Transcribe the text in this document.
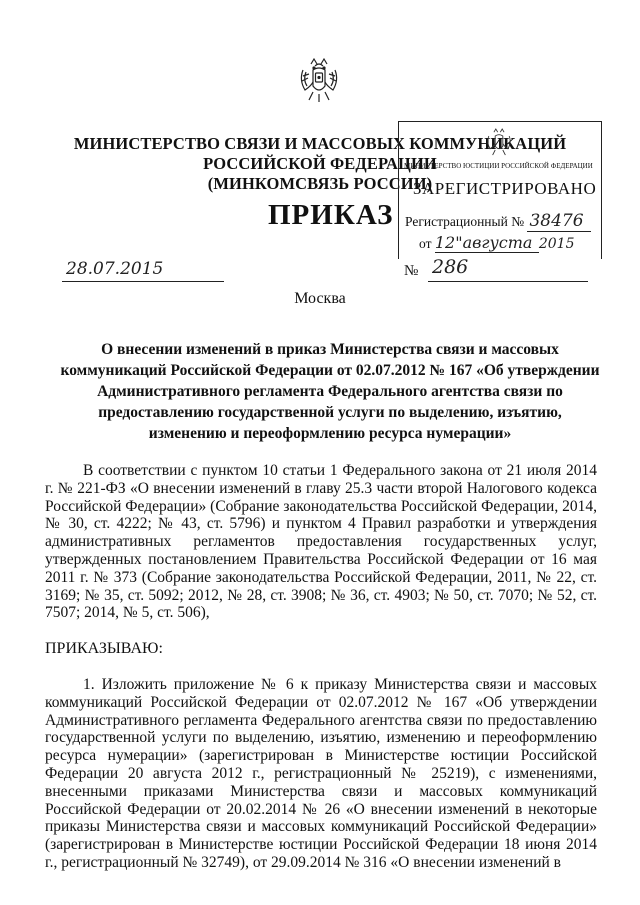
МИНИСТЕРСТВО СВЯЗИ И МАССОВЫХ КОММУНИКАЦИЙ
РОССИЙСКОЙ ФЕДЕРАЦИИ
(МИНКОМСВЯЗЬ РОССИИ)
ПРИКАЗ
МИНИСТЕРСТВО ЮСТИЦИИ РОССИЙСКОЙ ФЕДЕРАЦИИ
ЗАРЕГИСТРИРОВАНО
Регистрационный № 38476
от 12"августа 2015
28.07.2015	№ 286
Москва
О внесении изменений в приказ Министерства связи и массовых коммуникаций Российской Федерации от 02.07.2012 № 167 «Об утверждении Административного регламента Федерального агентства связи по предоставлению государственной услуги по выделению, изъятию, изменению и переоформлению ресурса нумерации»
В соответствии с пунктом 10 статьи 1 Федерального закона от 21 июля 2014 г. № 221-ФЗ «О внесении изменений в главу 25.3 части второй Налогового кодекса Российской Федерации» (Собрание законодательства Российской Федерации, 2014, № 30, ст. 4222; № 43, ст. 5796) и пунктом 4 Правил разработки и утверждения административных регламентов предоставления государственных услуг, утвержденных постановлением Правительства Российской Федерации от 16 мая 2011 г. № 373 (Собрание законодательства Российской Федерации, 2011, № 22, ст. 3169; № 35, ст. 5092; 2012, № 28, ст. 3908; № 36, ст. 4903; № 50, ст. 7070; № 52, ст. 7507; 2014, № 5, ст. 506),
ПРИКАЗЫВАЮ:
1. Изложить приложение № 6 к приказу Министерства связи и массовых коммуникаций Российской Федерации от 02.07.2012 № 167 «Об утверждении Административного регламента Федерального агентства связи по предоставлению государственной услуги по выделению, изъятию, изменению и переоформлению ресурса нумерации» (зарегистрирован в Министерстве юстиции Российской Федерации 20 августа 2012 г., регистрационный № 25219), с изменениями, внесенными приказами Министерства связи и массовых коммуникаций Российской Федерации от 20.02.2014 № 26 «О внесении изменений в некоторые приказы Министерства связи и массовых коммуникаций Российской Федерации» (зарегистрирован в Министерстве юстиции Российской Федерации 18 июня 2014 г., регистрационный № 32749), от 29.09.2014 № 316 «О внесении изменений в
